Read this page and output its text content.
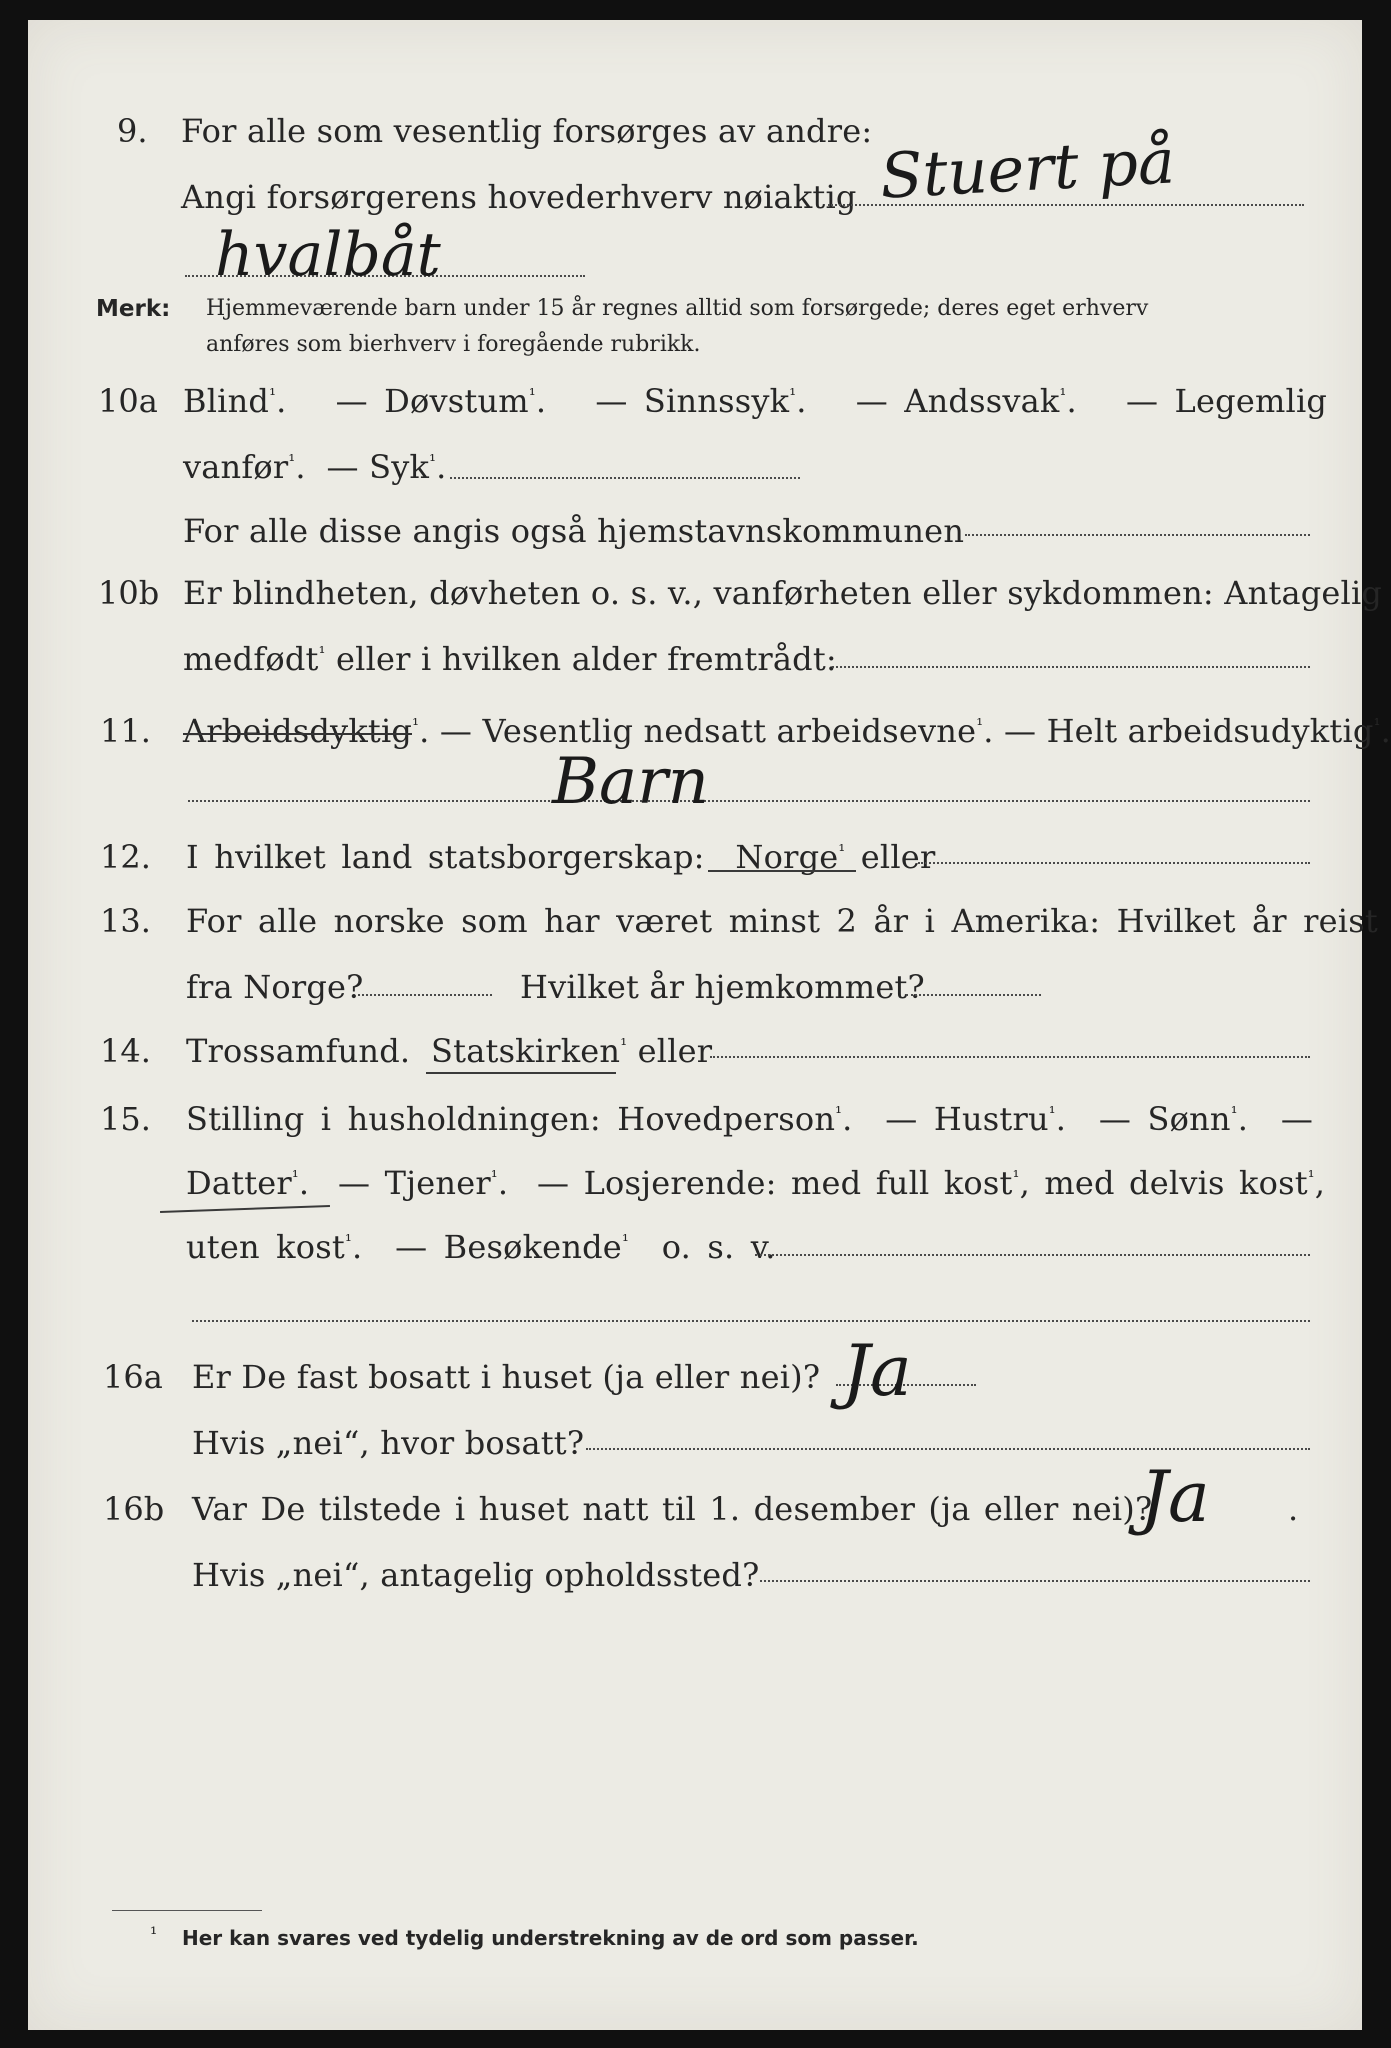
9. For alle som vesentlig forsørges av andre:
Angi forsørgerens hovederhverv nøiaktig Stuert på
hvalbåt
Merk: Hjemmeværende barn under 15 år regnes alltid som forsørgede; deres eget erhverv
anføres som bierhverv i foregående rubrikk.
10a Blind$^{^1}$.   — Døvstum$^{^1}$.   — Sinnssyk$^{^1}$.   — Andssvak$^{^1}$.   — Legemlig
vanfør$^{^1}$.  — Syk$^{^1}$.
For alle disse angis også hjemstavnskommunen
10b Er blindheten, døvheten o. s. v., vanførheten eller sykdommen: Antagelig
medfødt$^{^1}$ eller i hvilken alder fremtrådt:
11. Arbeidsdyktig$^{^1}$. — Vesentlig nedsatt arbeidsevne$^{^1}$. — Helt arbeidsudyktig$^{^1}$.
Barn
12. I hvilket land statsborgerskap: Norge$^{^1}$ eller
13. For alle norske som har været minst 2 år i Amerika: Hvilket år reist
fra Norge?	Hvilket år hjemkommet?
14. Trossamfund. Statskirken$^{^1}$ eller
15. Stilling i husholdningen: Hovedperson$^{^1}$.  — Hustru$^{^1}$.  — Sønn$^{^1}$.  —
Datter$^{^1}$.  — Tjener$^{^1}$.  — Losjerende: med full kost$^{^1}$, med delvis kost$^{^1}$,
uten kost$^{^1}$.  — Besøkende$^{^1}$ o. s. v.
16a Er De fast bosatt i huset (ja eller nei)? Ja
Hvis „nei“, hvor bosatt?
16b Var De tilstede i huset natt til 1. desember (ja eller nei)?
Ja .
Hvis „nei“, antagelig opholdssted?
¹ Her kan svares ved tydelig understrekning av de ord som passer.
